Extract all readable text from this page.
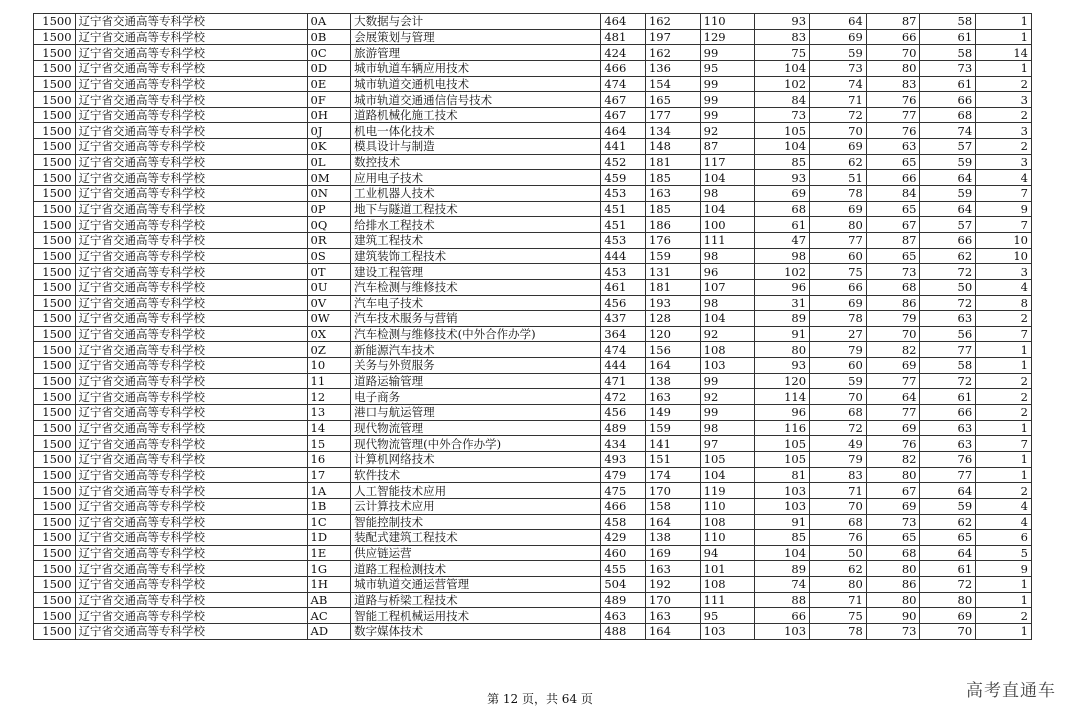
1500	辽宁省交通高等专科学校	0A	大数据与会计	464	162	110	93	64	87	58	1
1500	辽宁省交通高等专科学校	0B	会展策划与管理	481	197	129	83	69	66	61	1
1500	辽宁省交通高等专科学校	0C	旅游管理	424	162	99	75	59	70	58	14
1500	辽宁省交通高等专科学校	0D	城市轨道车辆应用技术	466	136	95	104	73	80	73	1
1500	辽宁省交通高等专科学校	0E	城市轨道交通机电技术	474	154	99	102	74	83	61	2
1500	辽宁省交通高等专科学校	0F	城市轨道交通通信信号技术	467	165	99	84	71	76	66	3
1500	辽宁省交通高等专科学校	0H	道路机械化施工技术	467	177	99	73	72	77	68	2
1500	辽宁省交通高等专科学校	0J	机电一体化技术	464	134	92	105	70	76	74	3
1500	辽宁省交通高等专科学校	0K	模具设计与制造	441	148	87	104	69	63	57	2
1500	辽宁省交通高等专科学校	0L	数控技术	452	181	117	85	62	65	59	3
1500	辽宁省交通高等专科学校	0M	应用电子技术	459	185	104	93	51	66	64	4
1500	辽宁省交通高等专科学校	0N	工业机器人技术	453	163	98	69	78	84	59	7
1500	辽宁省交通高等专科学校	0P	地下与隧道工程技术	451	185	104	68	69	65	64	9
1500	辽宁省交通高等专科学校	0Q	给排水工程技术	451	186	100	61	80	67	57	7
1500	辽宁省交通高等专科学校	0R	建筑工程技术	453	176	111	47	77	87	66	10
1500	辽宁省交通高等专科学校	0S	建筑装饰工程技术	444	159	98	98	60	65	62	10
1500	辽宁省交通高等专科学校	0T	建设工程管理	453	131	96	102	75	73	72	3
1500	辽宁省交通高等专科学校	0U	汽车检测与维修技术	461	181	107	96	66	68	50	4
1500	辽宁省交通高等专科学校	0V	汽车电子技术	456	193	98	31	69	86	72	8
1500	辽宁省交通高等专科学校	0W	汽车技术服务与营销	437	128	104	89	78	79	63	2
1500	辽宁省交通高等专科学校	0X	汽车检测与维修技术(中外合作办学)	364	120	92	91	27	70	56	7
1500	辽宁省交通高等专科学校	0Z	新能源汽车技术	474	156	108	80	79	82	77	1
1500	辽宁省交通高等专科学校	10	关务与外贸服务	444	164	103	93	60	69	58	1
1500	辽宁省交通高等专科学校	11	道路运输管理	471	138	99	120	59	77	72	2
1500	辽宁省交通高等专科学校	12	电子商务	472	163	92	114	70	64	61	2
1500	辽宁省交通高等专科学校	13	港口与航运管理	456	149	99	96	68	77	66	2
1500	辽宁省交通高等专科学校	14	现代物流管理	489	159	98	116	72	69	63	1
1500	辽宁省交通高等专科学校	15	现代物流管理(中外合作办学)	434	141	97	105	49	76	63	7
1500	辽宁省交通高等专科学校	16	计算机网络技术	493	151	105	105	79	82	76	1
1500	辽宁省交通高等专科学校	17	软件技术	479	174	104	81	83	80	77	1
1500	辽宁省交通高等专科学校	1A	人工智能技术应用	475	170	119	103	71	67	64	2
1500	辽宁省交通高等专科学校	1B	云计算技术应用	466	158	110	103	70	69	59	4
1500	辽宁省交通高等专科学校	1C	智能控制技术	458	164	108	91	68	73	62	4
1500	辽宁省交通高等专科学校	1D	装配式建筑工程技术	429	138	110	85	76	65	65	6
1500	辽宁省交通高等专科学校	1E	供应链运营	460	169	94	104	50	68	64	5
1500	辽宁省交通高等专科学校	1G	道路工程检测技术	455	163	101	89	62	80	61	9
1500	辽宁省交通高等专科学校	1H	城市轨道交通运营管理	504	192	108	74	80	86	72	1
1500	辽宁省交通高等专科学校	AB	道路与桥梁工程技术	489	170	111	88	71	80	80	1
1500	辽宁省交通高等专科学校	AC	智能工程机械运用技术	463	163	95	66	75	90	69	2
1500	辽宁省交通高等专科学校	AD	数字媒体技术	488	164	103	103	78	73	70	1
第 12 页，共 64 页	高考直通车
